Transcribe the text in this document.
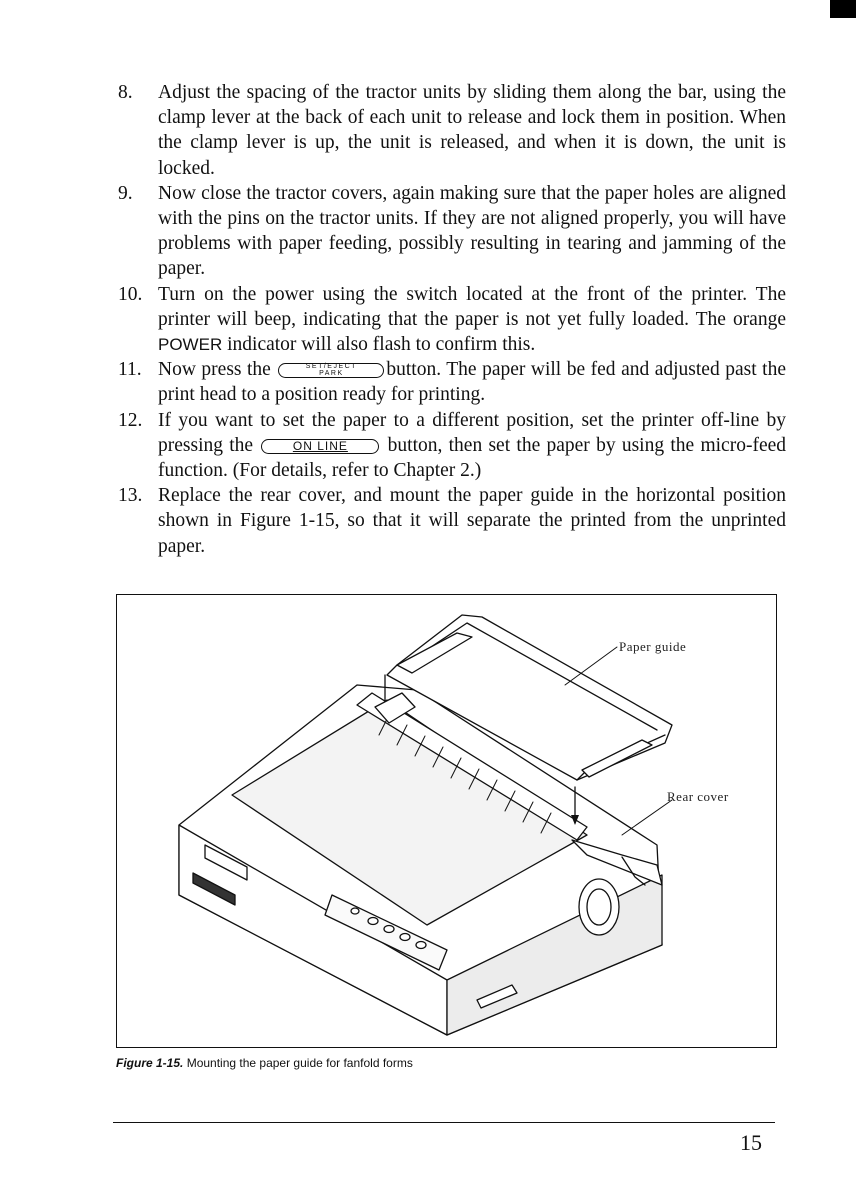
8.	Adjust the spacing of the tractor units by sliding them along the bar, using the clamp lever at the back of each unit to release and lock them in position. When the clamp lever is up, the unit is released, and when it is down, the unit is locked.
9.	Now close the tractor covers, again making sure that the paper holes are aligned with the pins on the tractor units. If they are not aligned properly, you will have problems with paper feeding, possibly resulting in tearing and jamming of the paper.
10. Turn on the power using the switch located at the front of the printer. The printer will beep, indicating that the paper is not yet fully loaded. The orange POWER indicator will also flash to confirm this.
11. Now press the	SET/EJECT
PARK	button. The paper will be fed and adjusted past the print head to a position ready for printing.
12. If you want to set the paper to a different position, set the printer off-line by pressing the	ON LINE button, then set the paper by using the micro-feed function. (For details, refer to Chapter 2.)
13. Replace the rear cover, and mount the paper guide in the horizontal position shown in Figure 1-15, so that it will separate the printed from the unprinted paper.
Paper guide
Rear cover
Figure 1-15. Mounting the paper guide for fanfold forms
15
